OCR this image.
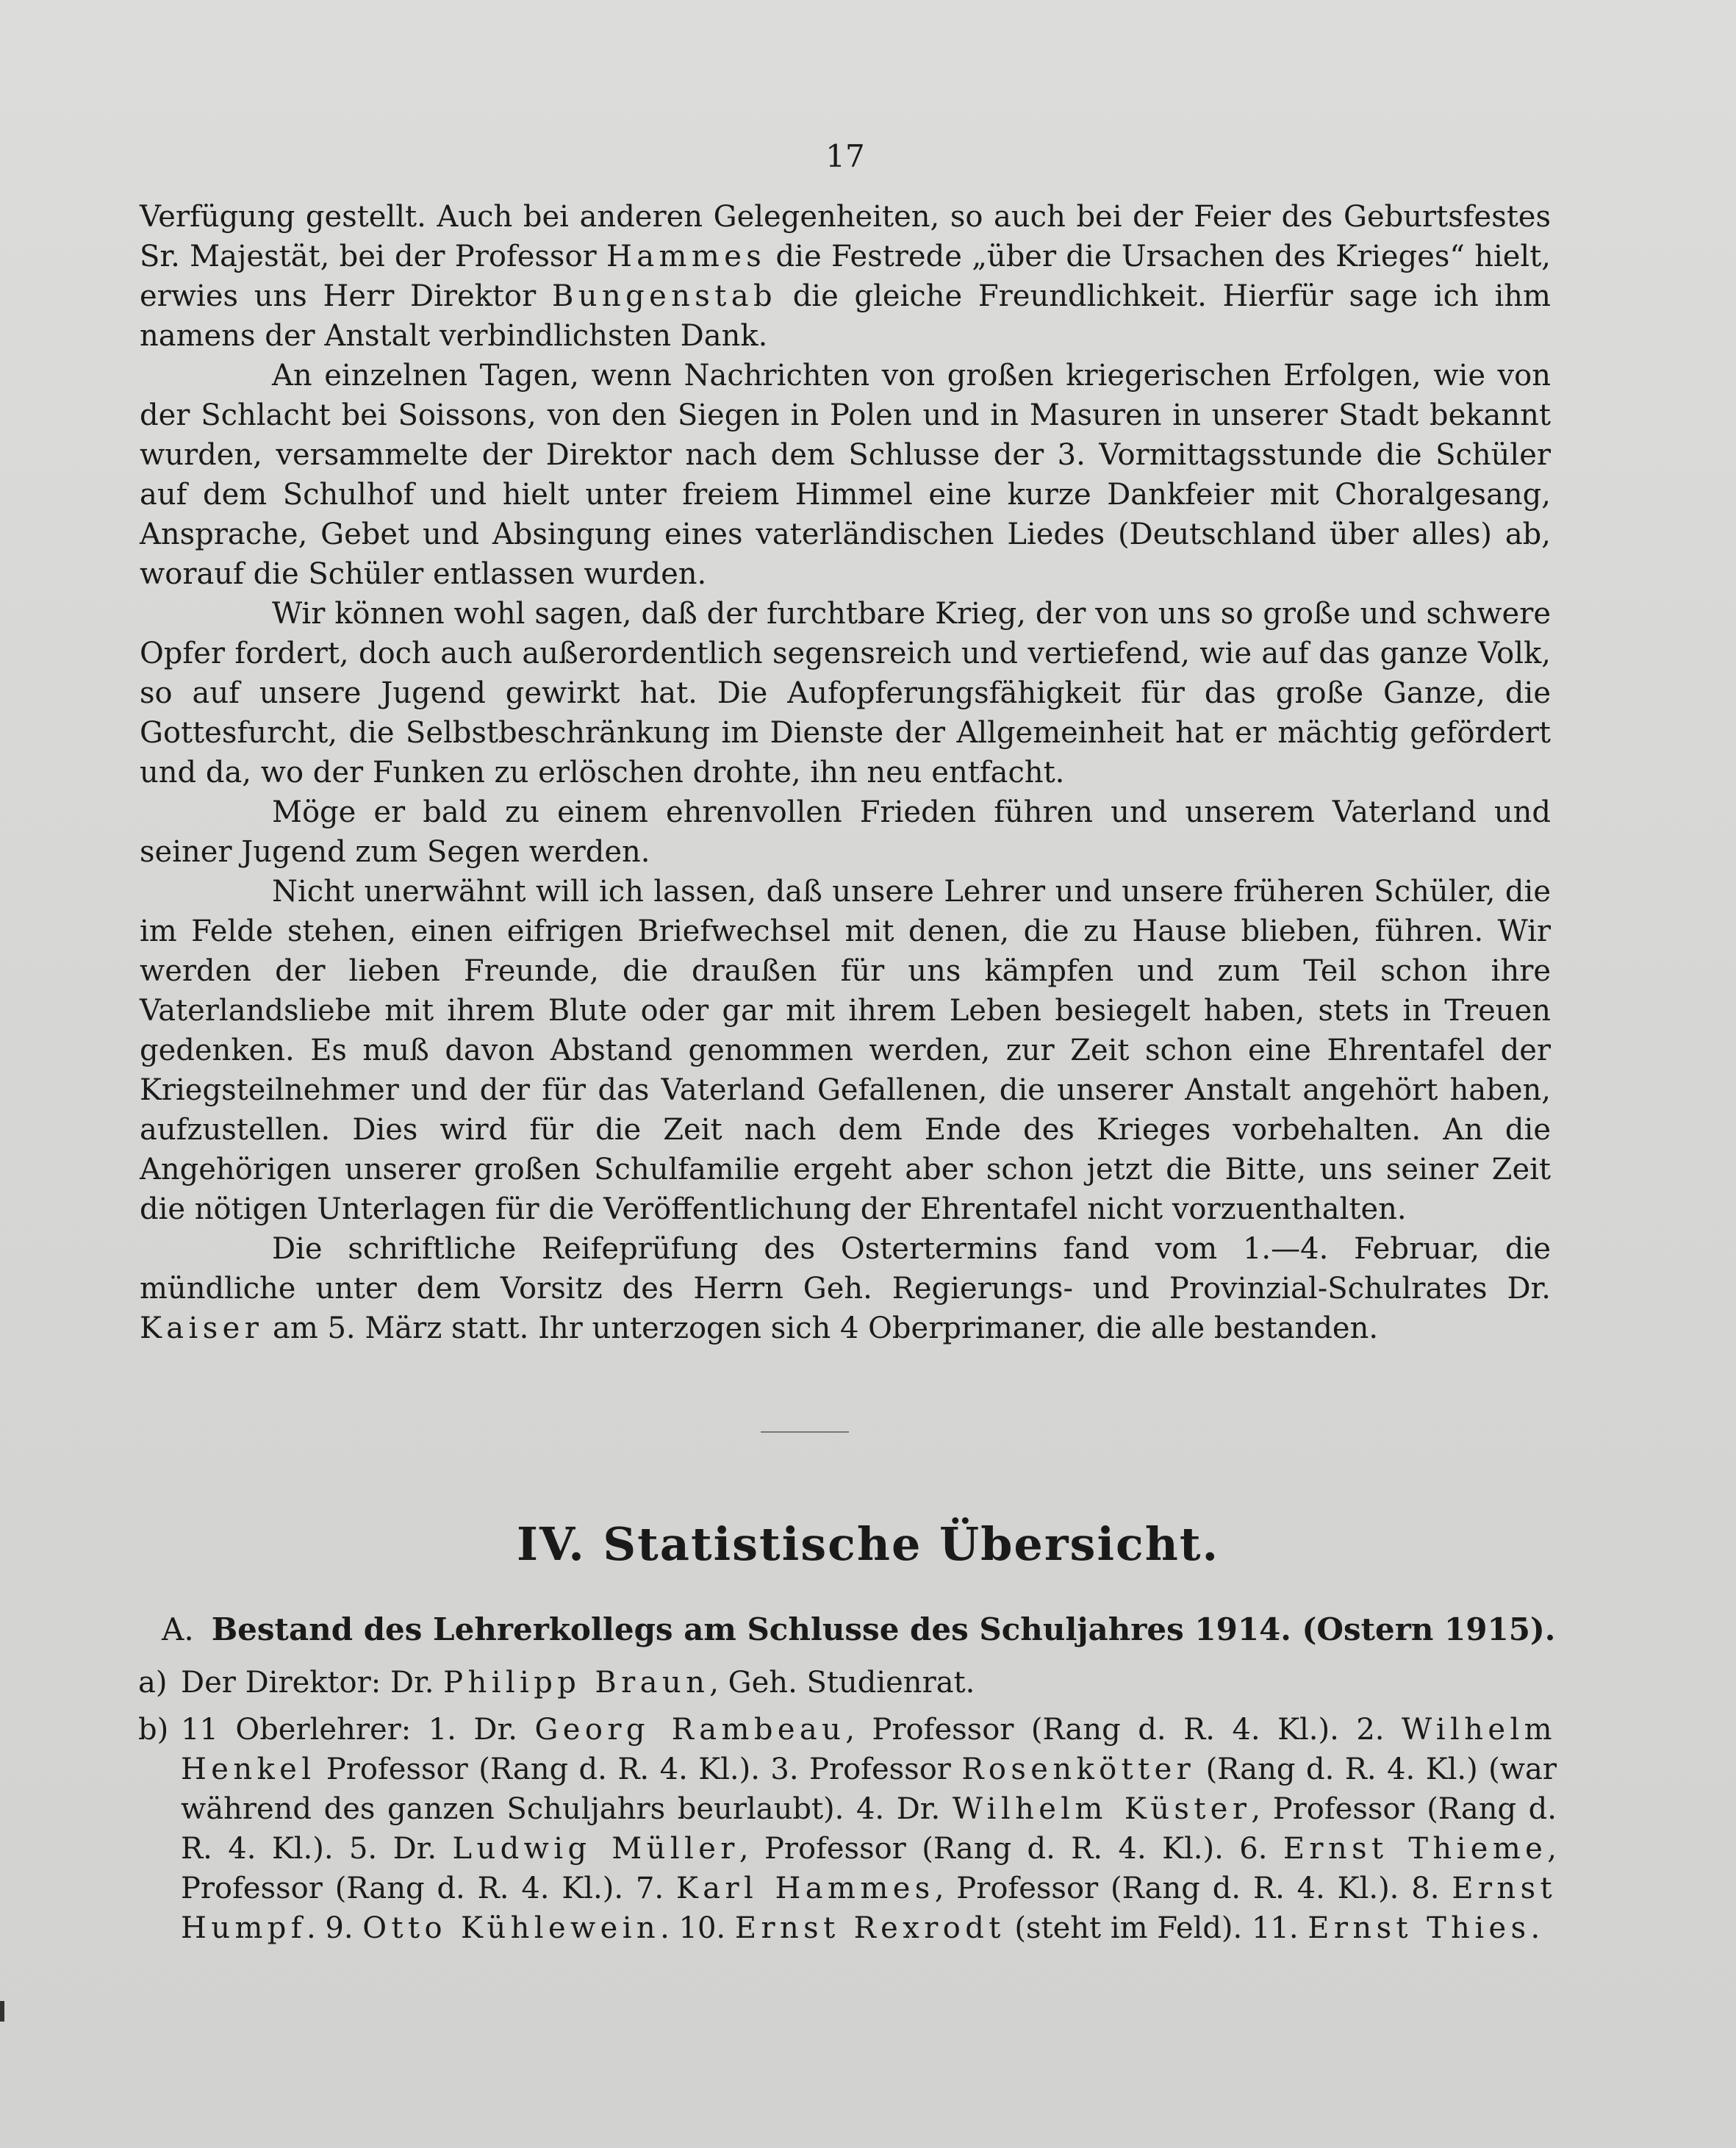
17

Verfügung gestellt. Auch bei anderen Gelegenheiten, so auch bei der Feier des Geburtsfestes Sr. Majestät, bei der Professor Hammes die Festrede „über die Ursachen des Krieges“ hielt, erwies uns Herr Direktor Bungenstab die gleiche Freundlichkeit. Hierfür sage ich ihm namens der Anstalt verbindlichsten Dank.

An einzelnen Tagen, wenn Nachrichten von großen kriegerischen Erfolgen, wie von der Schlacht bei Soissons, von den Siegen in Polen und in Masuren in unserer Stadt bekannt wurden, versammelte der Direktor nach dem Schlusse der 3. Vormittagsstunde die Schüler auf dem Schulhof und hielt unter freiem Himmel eine kurze Dankfeier mit Choralgesang, Ansprache, Gebet und Absingung eines vaterländischen Liedes (Deutschland über alles) ab, worauf die Schüler entlassen wurden.

Wir können wohl sagen, daß der furchtbare Krieg, der von uns so große und schwere Opfer fordert, doch auch außerordentlich segensreich und vertiefend, wie auf das ganze Volk, so auf unsere Jugend gewirkt hat. Die Aufopferungsfähigkeit für das große Ganze, die Gottesfurcht, die Selbstbeschränkung im Dienste der Allgemeinheit hat er mächtig gefördert und da, wo der Funken zu erlöschen drohte, ihn neu entfacht.

Möge er bald zu einem ehrenvollen Frieden führen und unserem Vaterland und seiner Jugend zum Segen werden.

Nicht unerwähnt will ich lassen, daß unsere Lehrer und unsere früheren Schüler, die im Felde stehen, einen eifrigen Briefwechsel mit denen, die zu Hause blieben, führen. Wir werden der lieben Freunde, die draußen für uns kämpfen und zum Teil schon ihre Vaterlandsliebe mit ihrem Blute oder gar mit ihrem Leben besiegelt haben, stets in Treuen gedenken. Es muß davon Abstand genommen werden, zur Zeit schon eine Ehrentafel der Kriegsteilnehmer und der für das Vaterland Gefallenen, die unserer Anstalt angehört haben, aufzustellen. Dies wird für die Zeit nach dem Ende des Krieges vorbehalten. An die Angehörigen unserer großen Schulfamilie ergeht aber schon jetzt die Bitte, uns seiner Zeit die nötigen Unterlagen für die Veröffentlichung der Ehrentafel nicht vorzuenthalten.

Die schriftliche Reifeprüfung des Ostertermins fand vom 1.—4. Februar, die mündliche unter dem Vorsitz des Herrn Geh. Regierungs- und Provinzial-Schulrates Dr. Kaiser am 5. März statt. Ihr unterzogen sich 4 Oberprimaner, die alle bestanden.

IV. Statistische Übersicht.
A. Bestand des Lehrerkollegs am Schlusse des Schuljahres 1914. (Ostern 1915).
a) Der Direktor: Dr. Philipp Braun, Geh. Studienrat.
b) 11 Oberlehrer: 1. Dr. Georg Rambeau, Professor (Rang d. R. 4. Kl.). 2. Wilhelm Henkel Professor (Rang d. R. 4. Kl.). 3. Professor Rosenkötter (Rang d. R. 4. Kl.) (war während des ganzen Schuljahrs beurlaubt). 4. Dr. Wilhelm Küster, Professor (Rang d. R. 4. Kl.). 5. Dr. Ludwig Müller, Professor (Rang d. R. 4. Kl.). 6. Ernst Thieme, Professor (Rang d. R. 4. Kl.). 7. Karl Hammes, Professor (Rang d. R. 4. Kl.). 8. Ernst Humpf. 9. Otto Kühlewein. 10. Ernst Rexrodt (steht im Feld). 11. Ernst Thies.
